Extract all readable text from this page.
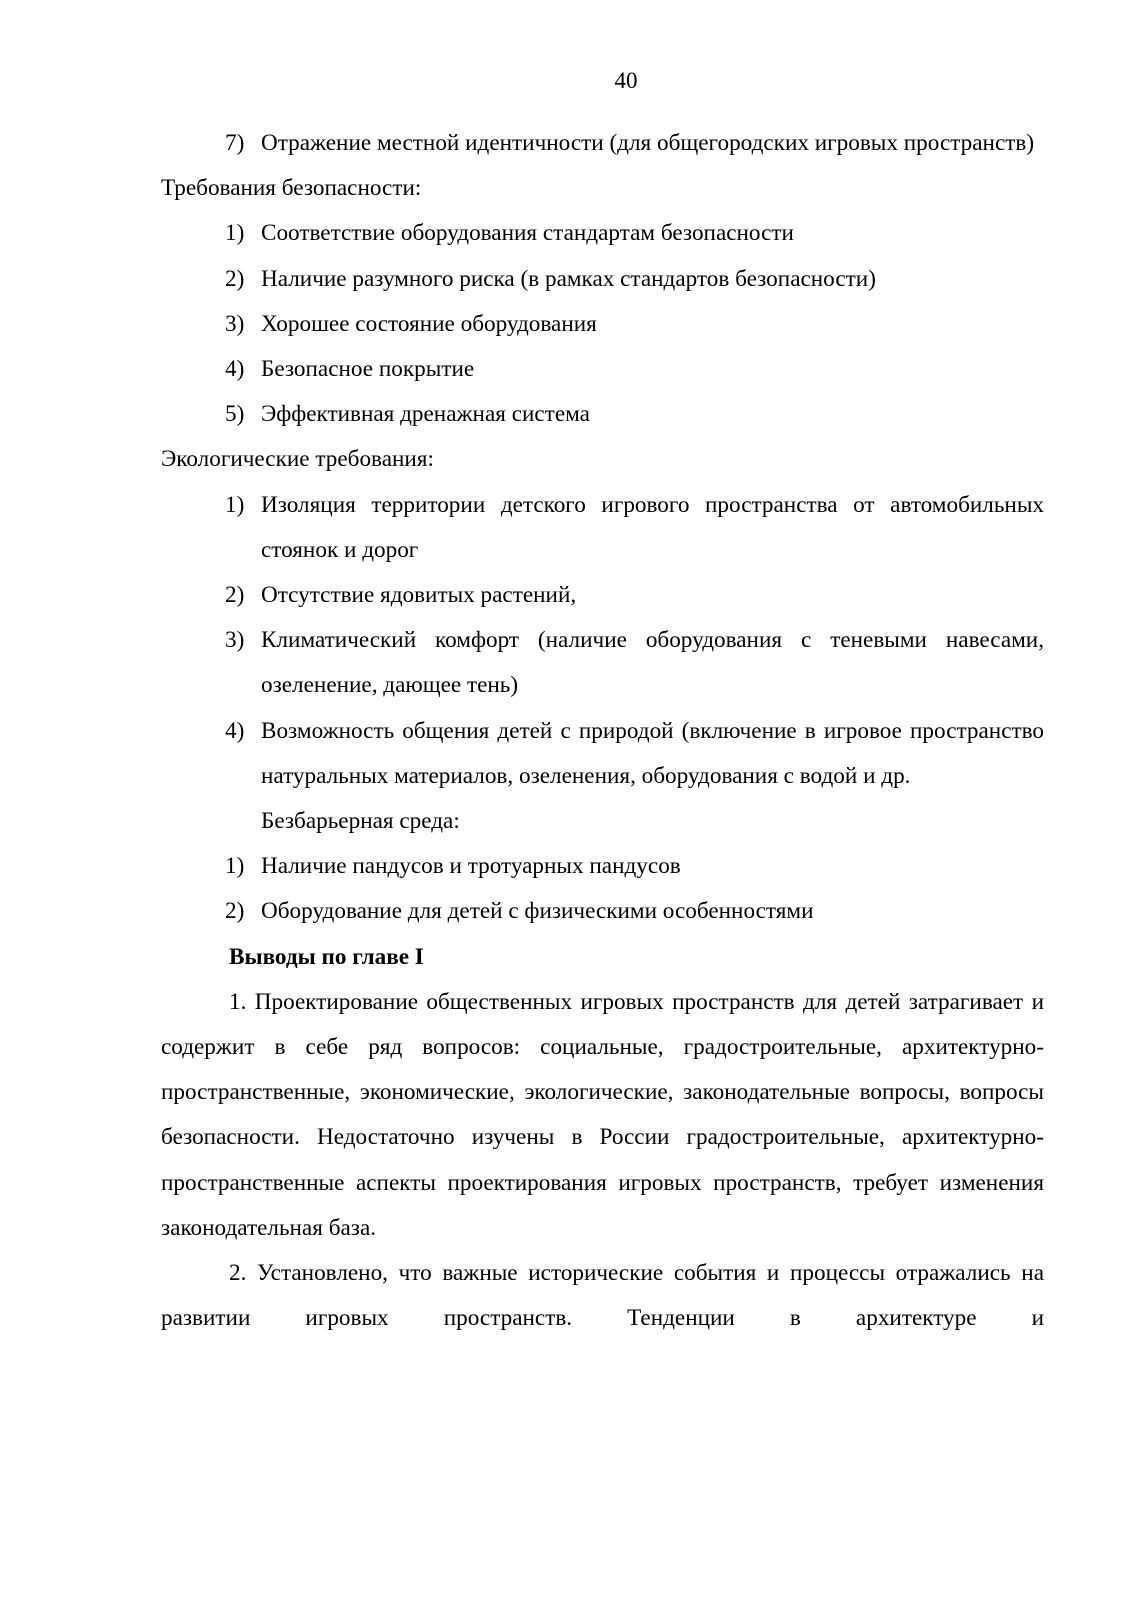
40
7) Отражение местной идентичности (для общегородских игровых пространств)
Требования безопасности:
1) Соответствие оборудования стандартам безопасности
2) Наличие разумного риска (в рамках стандартов безопасности)
3) Хорошее состояние оборудования
4) Безопасное покрытие
5) Эффективная дренажная система
Экологические требования:
1) Изоляция территории детского игрового пространства от автомобильных стоянок и дорог
2) Отсутствие ядовитых растений,
3) Климатический комфорт (наличие оборудования с теневыми навесами, озеленение, дающее тень)
4) Возможность общения детей с природой (включение в игровое пространство натуральных материалов, озеленения, оборудования с водой и др.
Безбарьерная среда:
1) Наличие пандусов и тротуарных пандусов
2) Оборудование для детей с физическими особенностями
Выводы по главе I
1. Проектирование общественных игровых пространств для детей затрагивает и содержит в себе ряд вопросов: социальные, градостроительные, архитектурно-пространственные, экономические, экологические, законодательные вопросы, вопросы безопасности. Недостаточно изучены в России градостроительные, архитектурно-пространственные аспекты проектирования игровых пространств, требует изменения законодательная база.
2. Установлено, что важные исторические события и процессы отражались на развитии игровых пространств. Тенденции в архитектуре и
